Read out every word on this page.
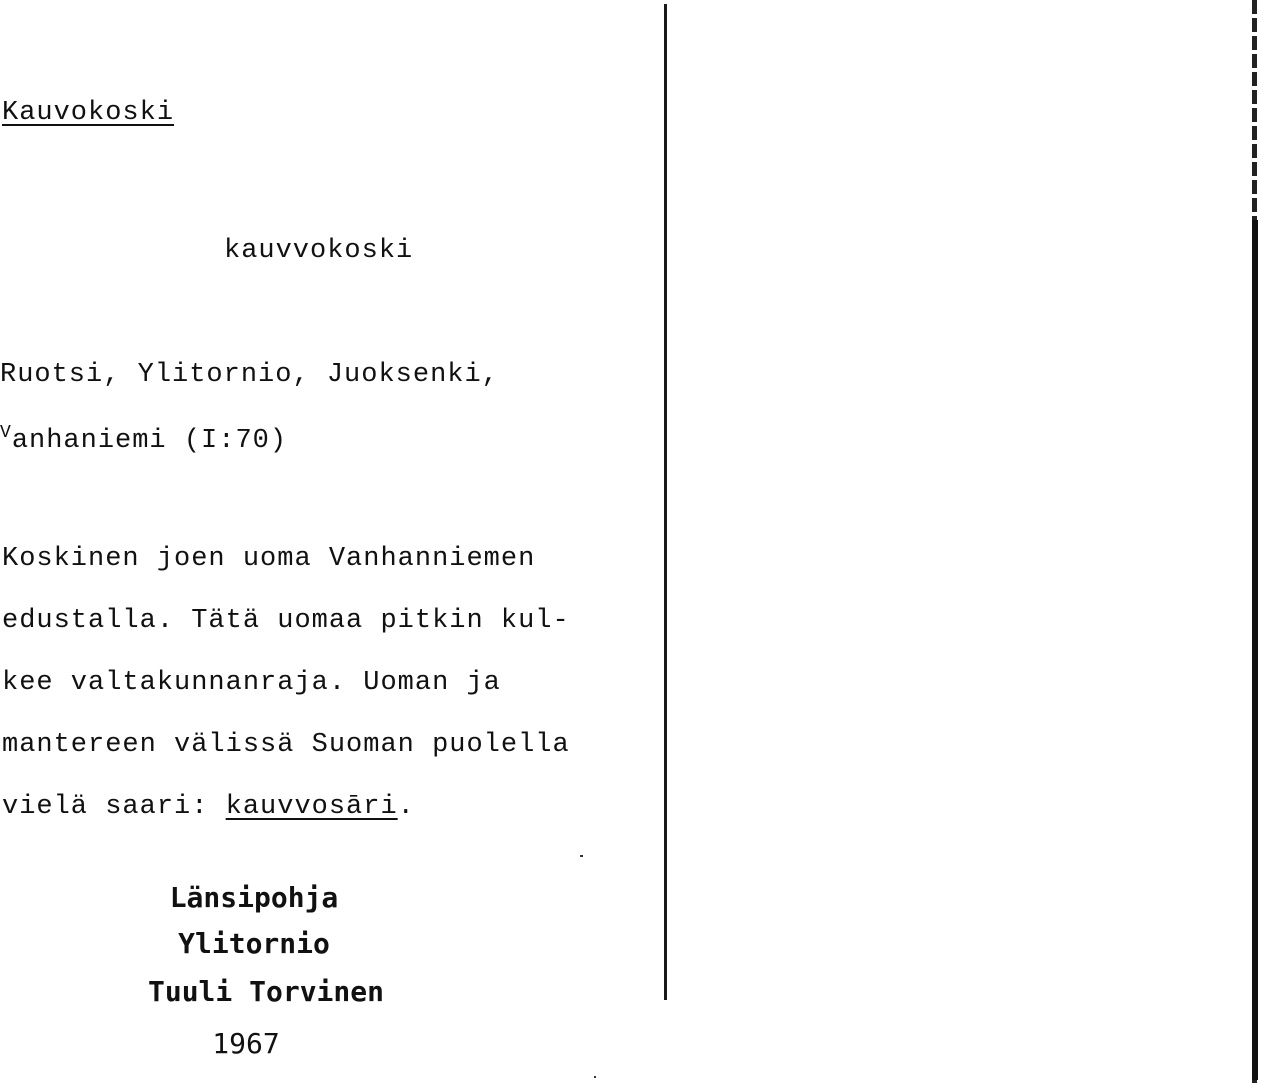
Kauvokoski
kauvvokoski
Ruotsi, Ylitornio, Juoksenki,
$^V$anhaniemi (I:70)
Koskinen joen uoma Vanhanniemen
edustalla. Tätä uomaa pitkin kul-
kee valtakunnanraja. Uoman ja
mantereen välissä Suoman puolella
vielä saari: kauvvosāri.
Länsipohja
Ylitornio
Tuuli Torvinen
1967
